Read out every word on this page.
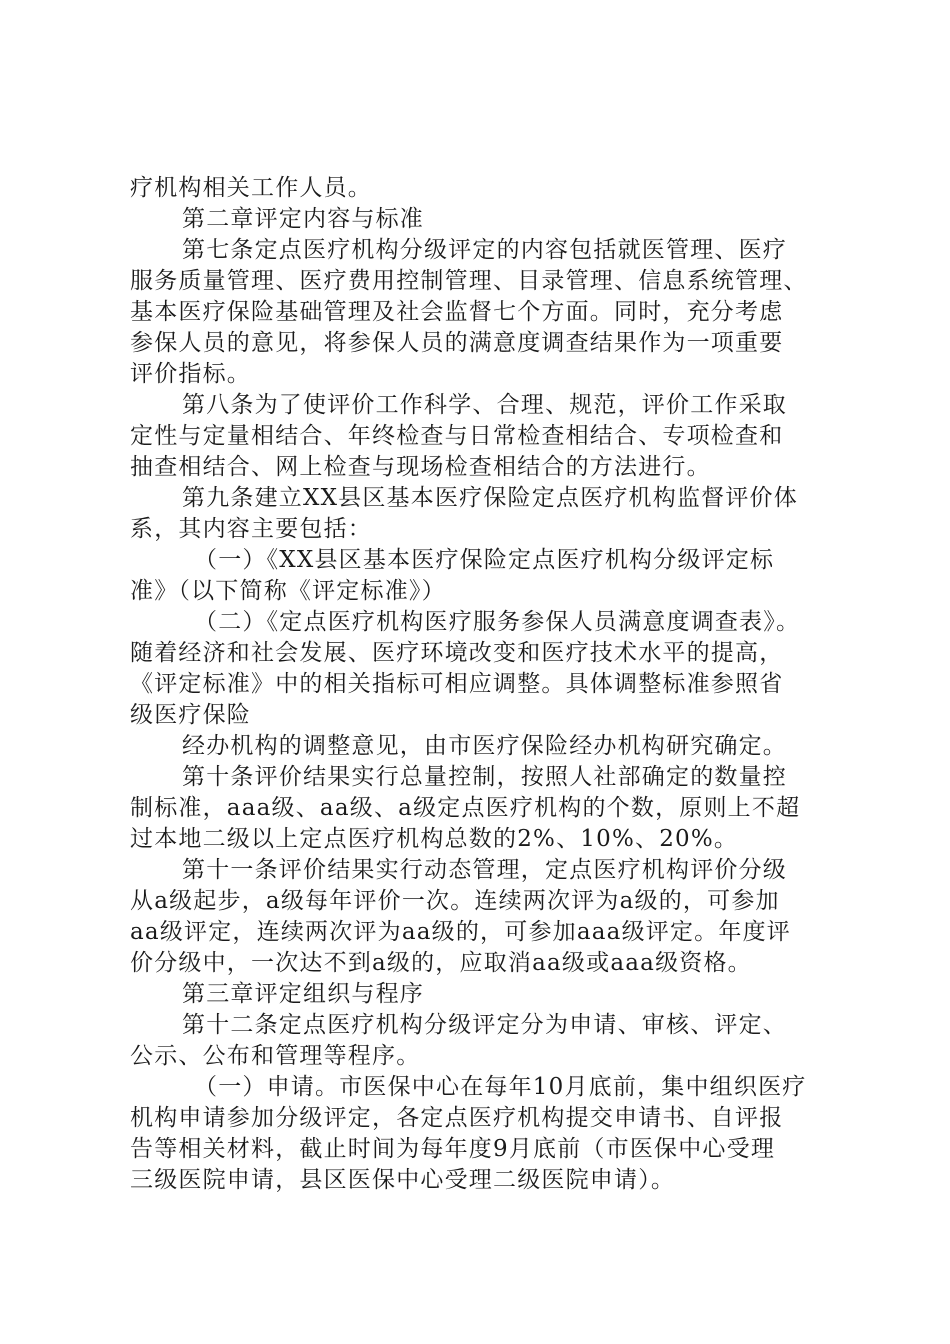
疗机构相关工作人员。
第二章评定内容与标准
第七条定点医疗机构分级评定的内容包括就医管理、医疗
服务质量管理、医疗费用控制管理、目录管理、信息系统管理、
基本医疗保险基础管理及社会监督七个方面。同时，充分考虑
参保人员的意见，将参保人员的满意度调查结果作为一项重要
评价指标。
第八条为了使评价工作科学、合理、规范，评价工作采取
定性与定量相结合、年终检查与日常检查相结合、专项检查和
抽查相结合、网上检查与现场检查相结合的方法进行。
第九条建立XX县区基本医疗保险定点医疗机构监督评价体
系，其内容主要包括：
（一）《XX县区基本医疗保险定点医疗机构分级评定标
准》（以下简称《评定标准》）
（二）《定点医疗机构医疗服务参保人员满意度调查表》。
随着经济和社会发展、医疗环境改变和医疗技术水平的提高，
《评定标准》中的相关指标可相应调整。具体调整标准参照省
级医疗保险
经办机构的调整意见，由市医疗保险经办机构研究确定。
第十条评价结果实行总量控制，按照人社部确定的数量控
制标准，aaa级、aa级、a级定点医疗机构的个数，原则上不超
过本地二级以上定点医疗机构总数的2%、10%、20%。
第十一条评价结果实行动态管理，定点医疗机构评价分级
从a级起步，a级每年评价一次。连续两次评为a级的，可参加
aa级评定，连续两次评为aa级的，可参加aaa级评定。年度评
价分级中，一次达不到a级的，应取消aa级或aaa级资格。
第三章评定组织与程序
第十二条定点医疗机构分级评定分为申请、审核、评定、
公示、公布和管理等程序。
（一）申请。市医保中心在每年10月底前，集中组织医疗
机构申请参加分级评定，各定点医疗机构提交申请书、自评报
告等相关材料，截止时间为每年度9月底前（市医保中心受理
三级医院申请，县区医保中心受理二级医院申请）。
